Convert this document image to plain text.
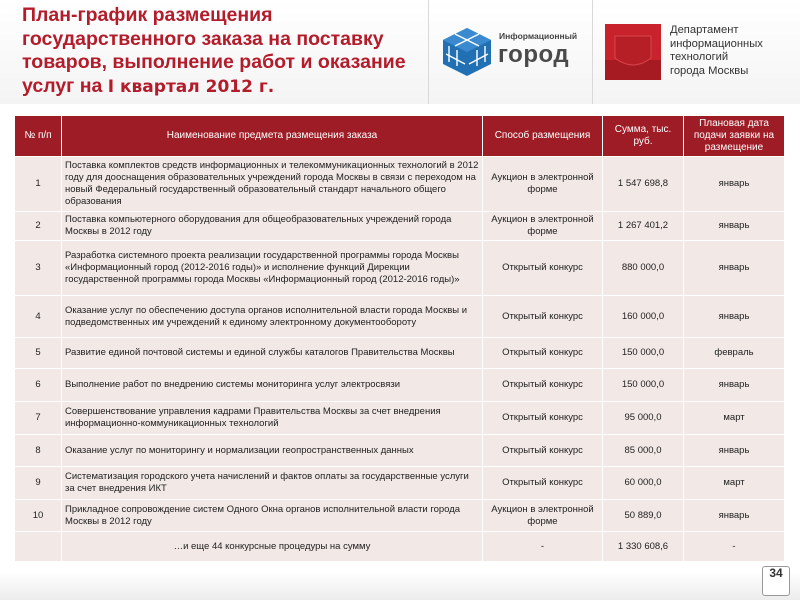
План-график размещения государственного заказа на поставку товаров, выполнение работ и оказание услуг на I квартал 2012 г.
Информационный
город
Департамент
информационных
технологий
города Москвы
№ п/п	Наименование предмета размещения заказа	Способ размещения	Сумма, тыс. руб.	Плановая дата подачи заявки на размещение
1	Поставка комплектов средств информационных и телекоммуникационных технологий в 2012 году для дооснащения образовательных учреждений города Москвы в связи с переходом на новый Федеральный государственный образовательный стандарт начального общего образования	Аукцион в электронной форме	1 547 698,8	январь
2	Поставка компьютерного оборудования для общеобразовательных учреждений города Москвы в 2012 году	Аукцион в электронной форме	1 267 401,2	январь
3	Разработка системного проекта реализации государственной программы города Москвы «Информационный город (2012-2016 годы)» и исполнение функций Дирекции государственной программы города Москвы «Информационный город (2012-2016 годы)»	Открытый конкурс	880 000,0	январь
4	Оказание услуг по обеспечению доступа органов исполнительной власти города Москвы и подведомственных им учреждений к единому электронному документообороту	Открытый конкурс	160 000,0	январь
5	Развитие единой почтовой системы и единой службы каталогов Правительства Москвы	Открытый конкурс	150 000,0	февраль
6	Выполнение работ по внедрению системы мониторинга услуг электросвязи	Открытый конкурс	150 000,0	январь
7	Совершенствование управления кадрами Правительства Москвы за счет внедрения информационно-коммуникационных технологий	Открытый конкурс	95 000,0	март
8	Оказание услуг по мониторингу и нормализации геопространственных данных	Открытый конкурс	85 000,0	январь
9	Систематизация городского учета начислений и фактов оплаты за государственные услуги за счет внедрения ИКТ	Открытый конкурс	60 000,0	март
10	Прикладное сопровождение систем Одного Окна органов исполнительной власти города Москвы в 2012 году	Аукцион в электронной форме	50 889,0	январь
	…и еще 44 конкурсные процедуры на сумму	-	1 330 608,6	-
34
